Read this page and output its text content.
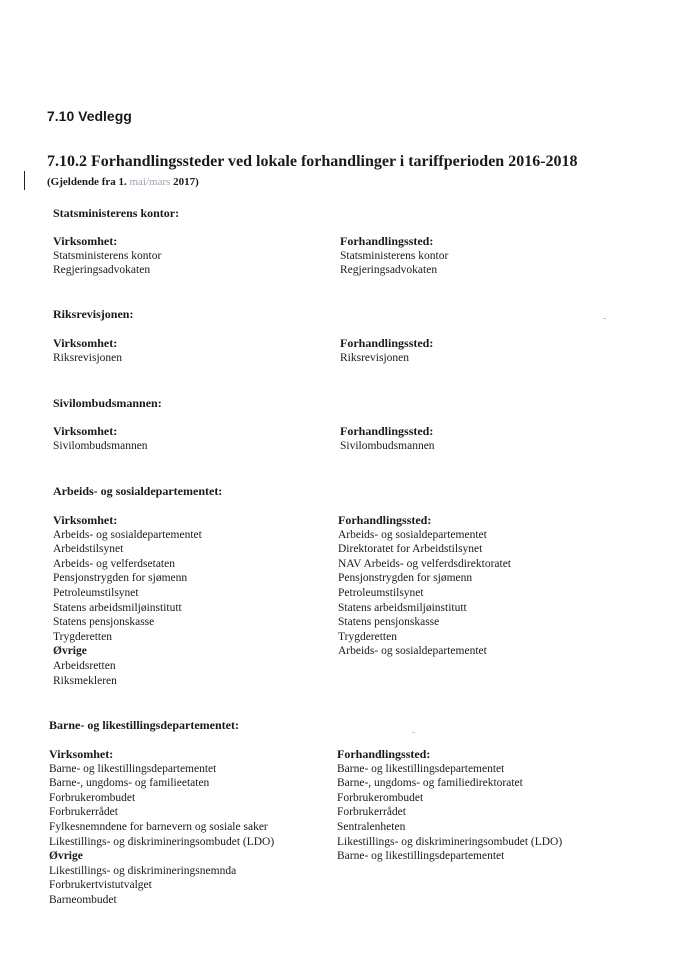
7.10 Vedlegg
7.10.2 Forhandlingssteder ved lokale forhandlinger i tariffperioden 2016-2018
(Gjeldende fra 1. mai/mars 2017)
Statsministerens kontor:
Virksomhet:
Statsministerens kontor
Regjeringsadvokaten
Forhandlingssted:
Statsministerens kontor
Regjeringsadvokaten
Riksrevisjonen:
Virksomhet:
Riksrevisjonen
Forhandlingssted:
Riksrevisjonen
Sivilombudsmannen:
Virksomhet:
Sivilombudsmannen
Forhandlingssted:
Sivilombudsmannen
Arbeids- og sosialdepartementet:
Virksomhet:
Arbeids- og sosialdepartementet
Arbeidstilsynet
Arbeids- og velferdsetaten
Pensjonstrygden for sjømenn
Petroleumstilsynet
Statens arbeidsmiljøinstitutt
Statens pensjonskasse
Trygderetten
Øvrige
Arbeidsretten
Riksmekleren
Forhandlingssted:
Arbeids- og sosialdepartementet
Direktoratet for Arbeidstilsynet
NAV Arbeids- og velferdsdirektoratet
Pensjonstrygden for sjømenn
Petroleumstilsynet
Statens arbeidsmiljøinstitutt
Statens pensjonskasse
Trygderetten
Arbeids- og sosialdepartementet
Barne- og likestillingsdepartementet:
Virksomhet:
Barne- og likestillingsdepartementet
Barne-, ungdoms- og familieetaten
Forbrukerombudet
Forbrukerrådet
Fylkesnemndene for barnevern og sosiale saker
Likestillings- og diskrimineringsombudet (LDO)
Øvrige
Likestillings- og diskrimineringsnemnda
Forbrukertvistutvalget
Barneombudet
Forhandlingssted:
Barne- og likestillingsdepartementet
Barne-, ungdoms- og familiedirektoratet
Forbrukerombudet
Forbrukerrådet
Sentralenheten
Likestillings- og diskrimineringsombudet (LDO)
Barne- og likestillingsdepartementet
